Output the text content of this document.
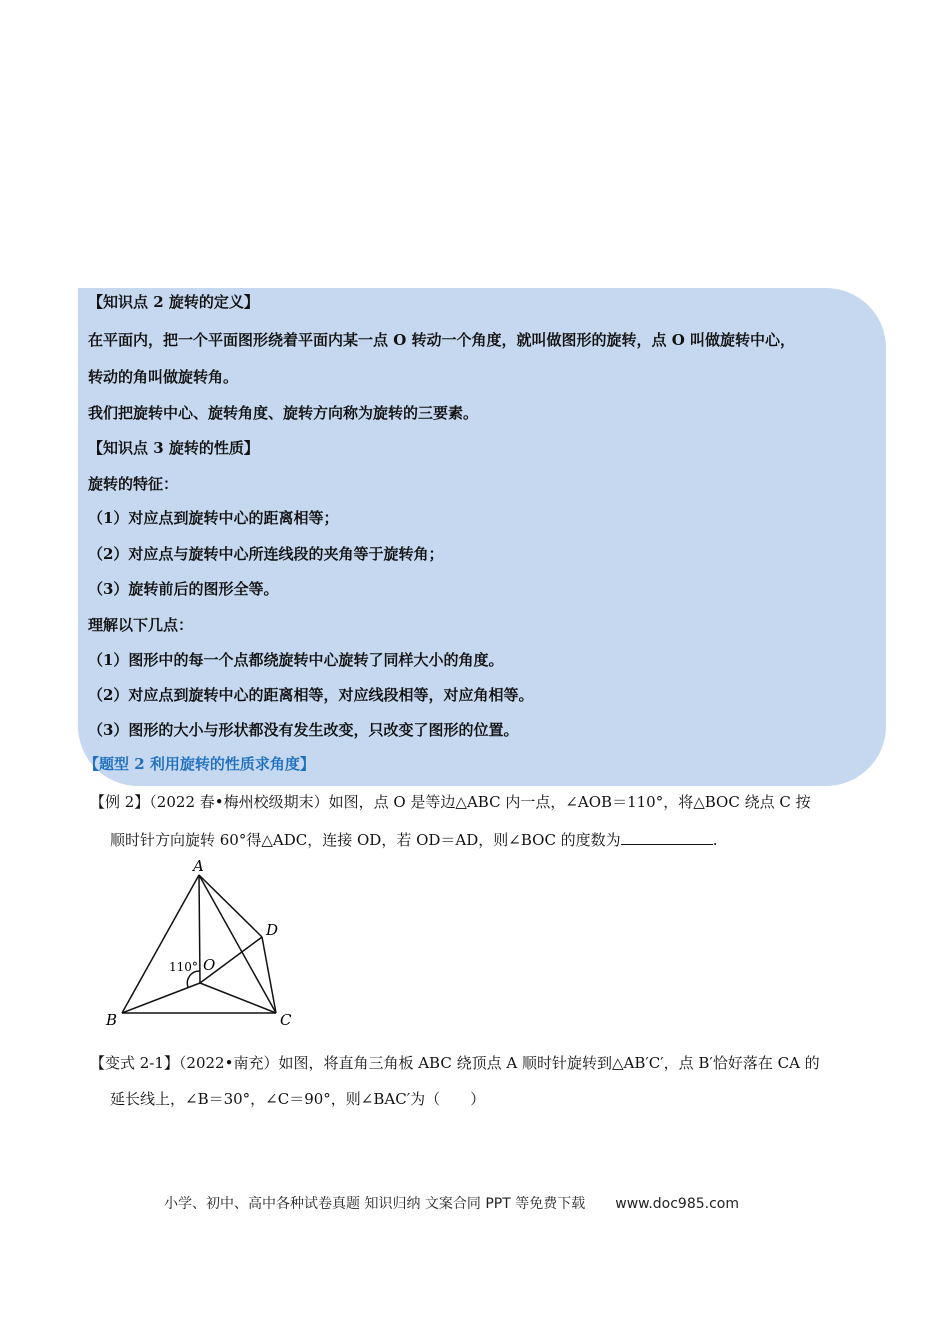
【知识点 2 旋转的定义】
在平面内，把一个平面图形绕着平面内某一点 O 转动一个角度，就叫做图形的旋转，点 O 叫做旋转中心，
转动的角叫做旋转角。
我们把旋转中心、旋转角度、旋转方向称为旋转的三要素。
【知识点 3 旋转的性质】
旋转的特征：
（1）对应点到旋转中心的距离相等；
（2）对应点与旋转中心所连线段的夹角等于旋转角；
（3）旋转前后的图形全等。
理解以下几点：
（1）图形中的每一个点都绕旋转中心旋转了同样大小的角度。
（2）对应点到旋转中心的距离相等，对应线段相等，对应角相等。
（3）图形的大小与形状都没有发生改变，只改变了图形的位置。
【题型 2 利用旋转的性质求角度】
【例 2】（2022 春•梅州校级期末）如图，点 O 是等边△ABC 内一点，∠AOB＝110°，将△BOC 绕点 C 按
顺时针方向旋转 60°得△ADC，连接 OD，若 OD＝AD，则∠BOC 的度数为	.
A
B	C
D
O
110°
【变式 2-1】（2022•南充）如图，将直角三角板 ABC 绕顶点 A 顺时针旋转到△AB′C′，点 B′恰好落在 CA 的
延长线上，∠B＝30°，∠C＝90°，则∠BAC′为（　　）
小学、初中、高中各种试卷真题 知识归纳 文案合同 PPT 等免费下载 www.doc985.com
